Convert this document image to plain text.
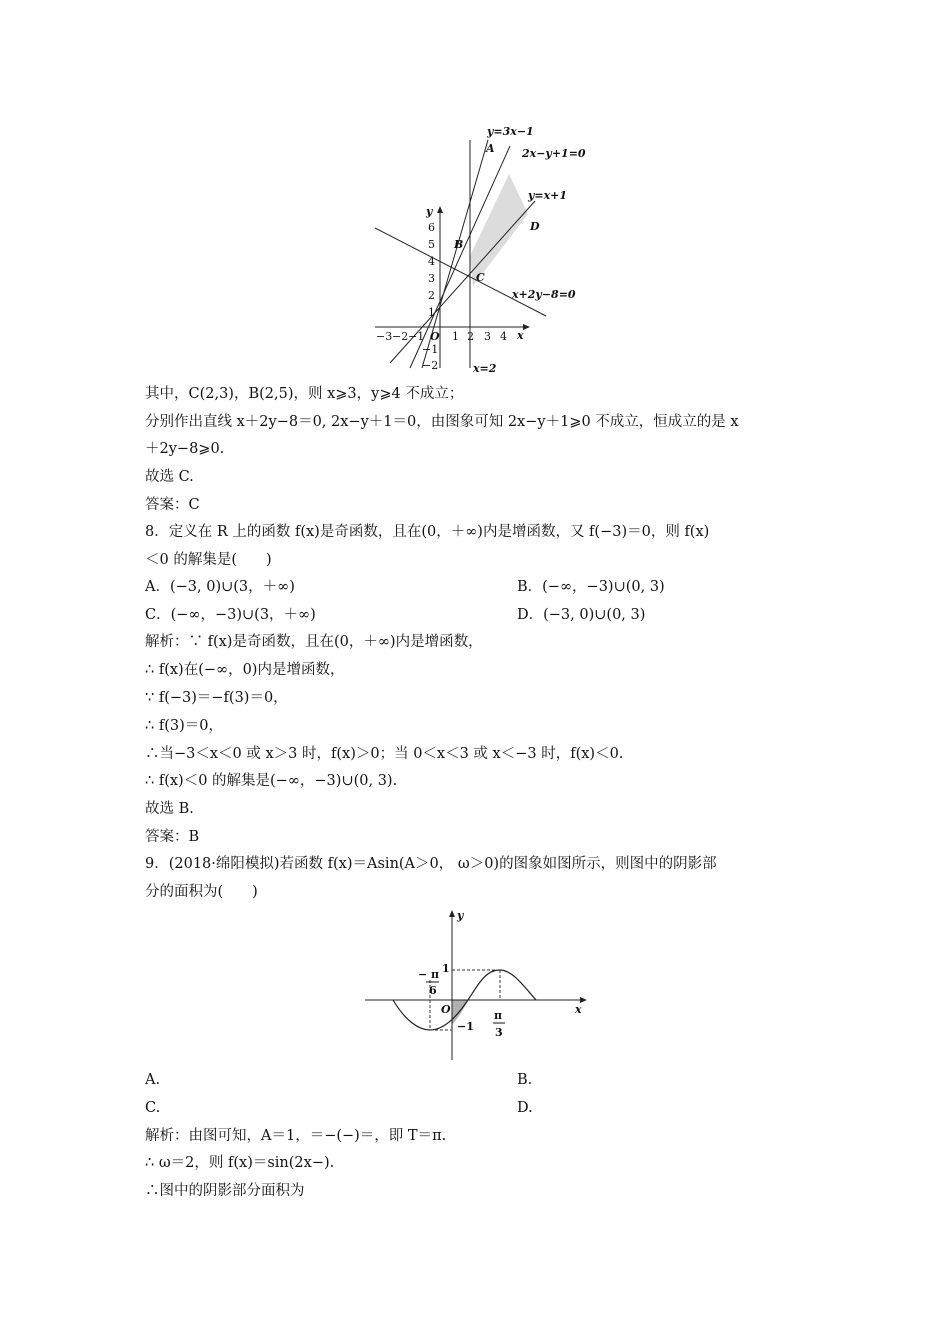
−3 −2 −1 O 1 2 3 4 x
y
6
5
4
3
2
1
−1
−2
y=3x−1
2x−y+1=0
y=x+1
x+2y−8=0
x=2
A
B
C
D
其中，C(2,3)，B(2,5)，则 x⩾3，y⩾4 不成立；
分别作出直线 x＋2y−8＝0, 2x−y＋1＝0，由图象可知 2x−y＋1⩾0 不成立，恒成立的是 x
＋2y−8⩾0.
故选 C.
答案：C
8．定义在 R 上的函数 f(x)是奇函数，且在(0，＋∞)内是增函数，又 f(−3)＝0，则 f(x)
＜0 的解集是(　　)
A．(−3, 0)∪(3，＋∞)	B．(−∞，−3)∪(0, 3)
C．(−∞，−3)∪(3，＋∞)	D．(−3, 0)∪(0, 3)
解析：∵ f(x)是奇函数，且在(0，＋∞)内是增函数，
∴ f(x)在(−∞，0)内是增函数，
∵ f(−3)＝−f(3)＝0，
∴ f(3)＝0，
∴当−3＜x＜0 或 x＞3 时，f(x)＞0；当 0＜x＜3 或 x＜−3 时，f(x)＜0.
∴ f(x)＜0 的解集是(−∞，−3)∪(0, 3).
故选 B.
答案：B
9．(2018·绵阳模拟)若函数 f(x)＝Asin(A＞0， ω＞0)的图象如图所示，则图中的阴影部
分的面积为(　　)
y
x
O
1
−1
− π
6
π
3
A.	B.
C.	D.
解析：由图可知，A＝1，＝−(−)＝，即 T＝π.
∴ ω＝2，则 f(x)＝sin(2x−).
∴图中的阴影部分面积为
